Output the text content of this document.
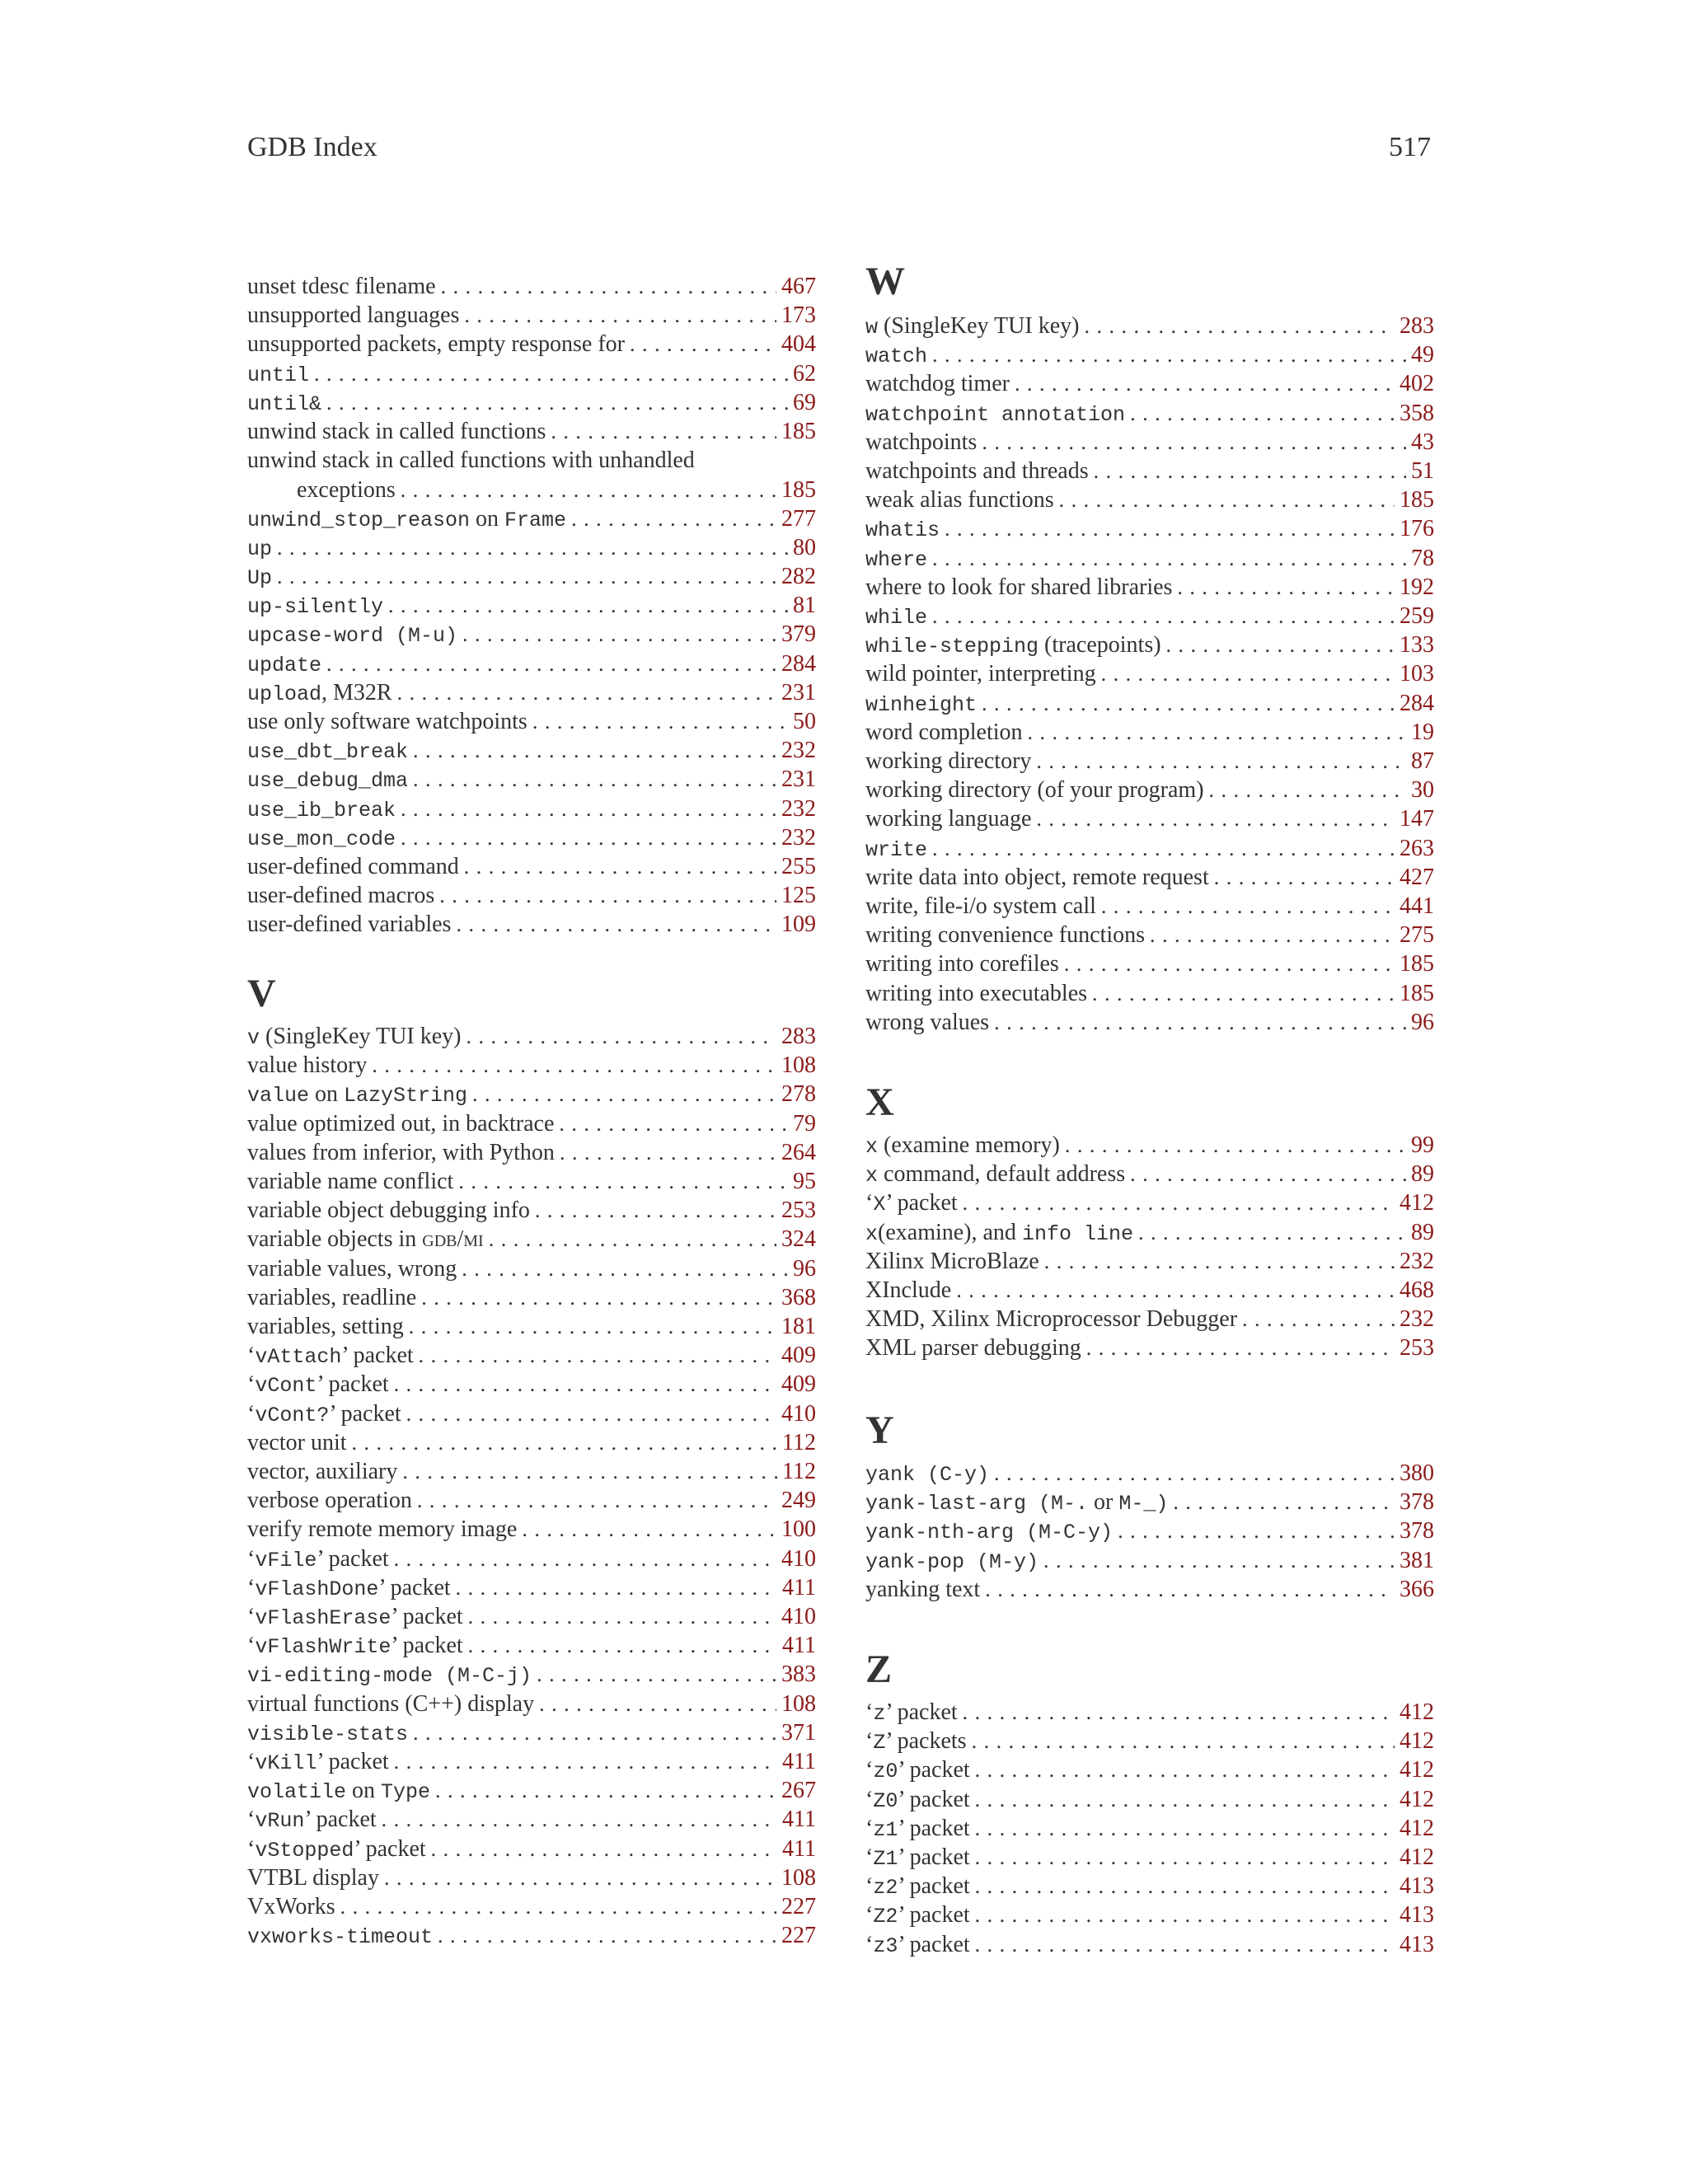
GDB Index	517
unset tdesc filename . . .	467
unsupported languages . . .	173
unsupported packets, empty response for . . .	404
until . . .	62
until& . . .	69
unwind stack in called functions . . .	185
unwind stack in called functions with unhandled
exceptions . . .	185
unwind_stop_reason on Frame . . .	277
up . . .	80
Up . . .	282
up-silently . . .	81
upcase-word (M-u) . . .	379
update . . .	284
upload, M32R . . .	231
use only software watchpoints . . .	50
use_dbt_break . . .	232
use_debug_dma . . .	231
use_ib_break . . .	232
use_mon_code . . .	232
user-defined command . . .	255
user-defined macros . . .	125
user-defined variables . . .	109
V
v (SingleKey TUI key) . . .	283
value history . . .	108
value on LazyString . . .	278
value optimized out, in backtrace . . .	79
values from inferior, with Python . . .	264
variable name conflict . . .	95
variable object debugging info . . .	253
variable objects in gdb/mi . . .	324
variable values, wrong . . .	96
variables, readline . . .	368
variables, setting . . .	181
‘vAttach’ packet . . .	409
‘vCont’ packet . . .	409
‘vCont?’ packet . . .	410
vector unit . . .	112
vector, auxiliary . . .	112
verbose operation . . .	249
verify remote memory image . . .	100
‘vFile’ packet . . .	410
‘vFlashDone’ packet . . .	411
‘vFlashErase’ packet . . .	410
‘vFlashWrite’ packet . . .	411
vi-editing-mode (M-C-j) . . .	383
virtual functions (C++) display . . .	108
visible-stats . . .	371
‘vKill’ packet . . .	411
volatile on Type . . .	267
‘vRun’ packet . . .	411
‘vStopped’ packet . . .	411
VTBL display . . .	108
VxWorks . . .	227
vxworks-timeout . . .	227
W
w (SingleKey TUI key) . . .	283
watch . . .	49
watchdog timer . . .	402
watchpoint annotation . . .	358
watchpoints . . .	43
watchpoints and threads . . .	51
weak alias functions . . .	185
whatis . . .	176
where . . .	78
where to look for shared libraries . . .	192
while . . .	259
while-stepping (tracepoints) . . .	133
wild pointer, interpreting . . .	103
winheight . . .	284
word completion . . .	19
working directory . . .	87
working directory (of your program) . . .	30
working language . . .	147
write . . .	263
write data into object, remote request . . .	427
write, file-i/o system call . . .	441
writing convenience functions . . .	275
writing into corefiles . . .	185
writing into executables . . .	185
wrong values . . .	96
X
x (examine memory) . . .	99
x command, default address . . .	89
‘X’ packet . . .	412
x(examine), and info line . . .	89
Xilinx MicroBlaze . . .	232
XInclude . . .	468
XMD, Xilinx Microprocessor Debugger . . .	232
XML parser debugging . . .	253
Y
yank (C-y) . . .	380
yank-last-arg (M-. or M-_) . . .	378
yank-nth-arg (M-C-y) . . .	378
yank-pop (M-y) . . .	381
yanking text . . .	366
Z
‘z’ packet . . .	412
‘Z’ packets . . .	412
‘z0’ packet . . .	412
‘Z0’ packet . . .	412
‘z1’ packet . . .	412
‘Z1’ packet . . .	412
‘z2’ packet . . .	413
‘Z2’ packet . . .	413
‘z3’ packet . . .	413
